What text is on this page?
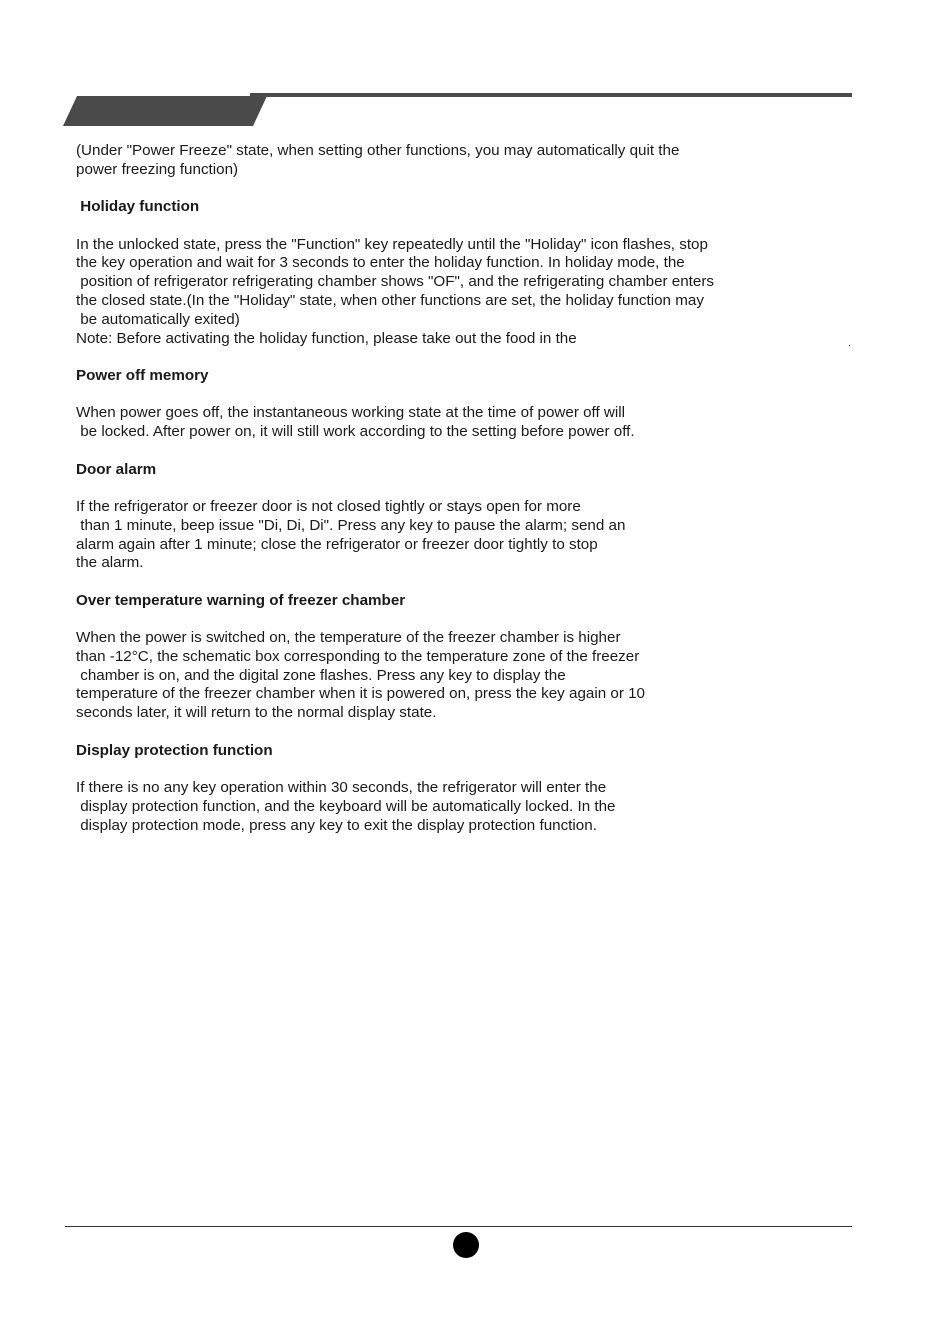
.

(Under "Power Freeze" state, when setting other functions, you may automatically quit the
power freezing function)

Holiday function

In the unlocked state, press the "Function" key repeatedly until the "Holiday" icon flashes, stop
the key operation and wait for 3 seconds to enter the holiday function. In holiday mode, the
position of refrigerator refrigerating chamber shows "OF", and the refrigerating chamber enters
the closed state.(In the "Holiday" state, when other functions are set, the holiday function may
be automatically exited)
Note: Before activating the holiday function, please take out the food in the

Power off memory

When power goes off, the instantaneous working state at the time of power off will
be locked. After power on, it will still work according to the setting before power off.

Door alarm

If the refrigerator or freezer door is not closed tightly or stays open for more
than 1 minute, beep issue "Di, Di, Di". Press any key to pause the alarm; send an
alarm again after 1 minute; close the refrigerator or freezer door tightly to stop
the alarm.

Over temperature warning of freezer chamber

When the power is switched on, the temperature of the freezer chamber is higher
than -12°C, the schematic box corresponding to the temperature zone of the freezer
chamber is on, and the digital zone flashes. Press any key to display the
temperature of the freezer chamber when it is powered on, press the key again or 10
seconds later, it will return to the normal display state.

Display protection function

If there is no any key operation within 30 seconds, the refrigerator will enter the
display protection function, and the keyboard will be automatically locked. In the
display protection mode, press any key to exit the display protection function.
